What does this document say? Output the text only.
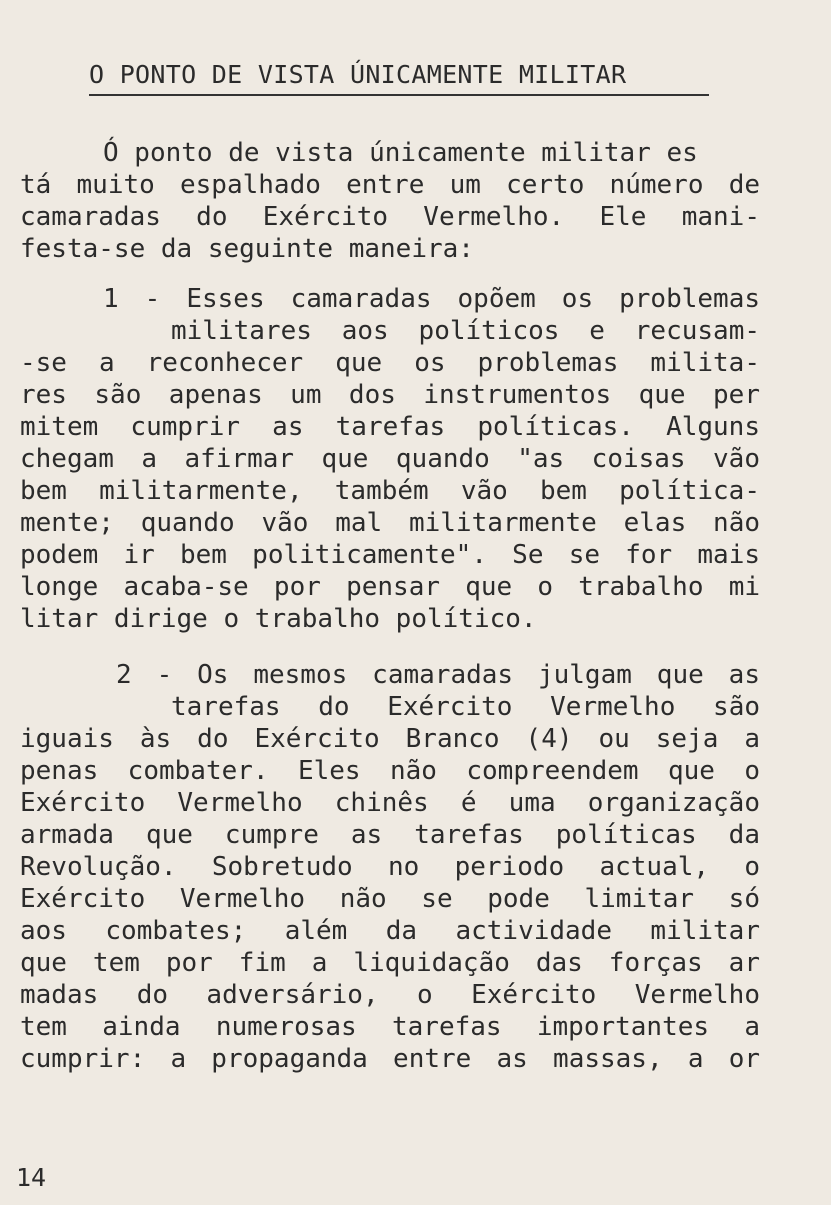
O PONTO DE VISTA ÚNICAMENTE MILITAR
Ó ponto de vista únicamente militar es
tá muito espalhado entre um certo número de
camaradas do Exército Vermelho. Ele mani-
festa-se da seguinte maneira:
1 - Esses camaradas opõem os problemas
militares aos políticos e recusam-
-se a reconhecer que os problemas milita-
res são apenas um dos instrumentos que per
mitem cumprir as tarefas políticas. Alguns
chegam a afirmar que quando "as coisas vão
bem militarmente, também vão bem política-
mente; quando vão mal militarmente elas não
podem ir bem politicamente". Se se for mais
longe acaba-se por pensar que o trabalho mi
litar dirige o trabalho político.
2 - Os mesmos camaradas julgam que as
tarefas do Exército Vermelho são
iguais às do Exército Branco (4) ou seja a
penas combater. Eles não compreendem que o
Exército Vermelho chinês é uma organização
armada que cumpre as tarefas políticas da
Revolução. Sobretudo no periodo actual, o
Exército Vermelho não se pode limitar só
aos combates; além da actividade militar
que tem por fim a liquidação das forças ar
madas do adversário, o Exército Vermelho
tem ainda numerosas tarefas importantes a
cumprir: a propaganda entre as massas, a or
14
